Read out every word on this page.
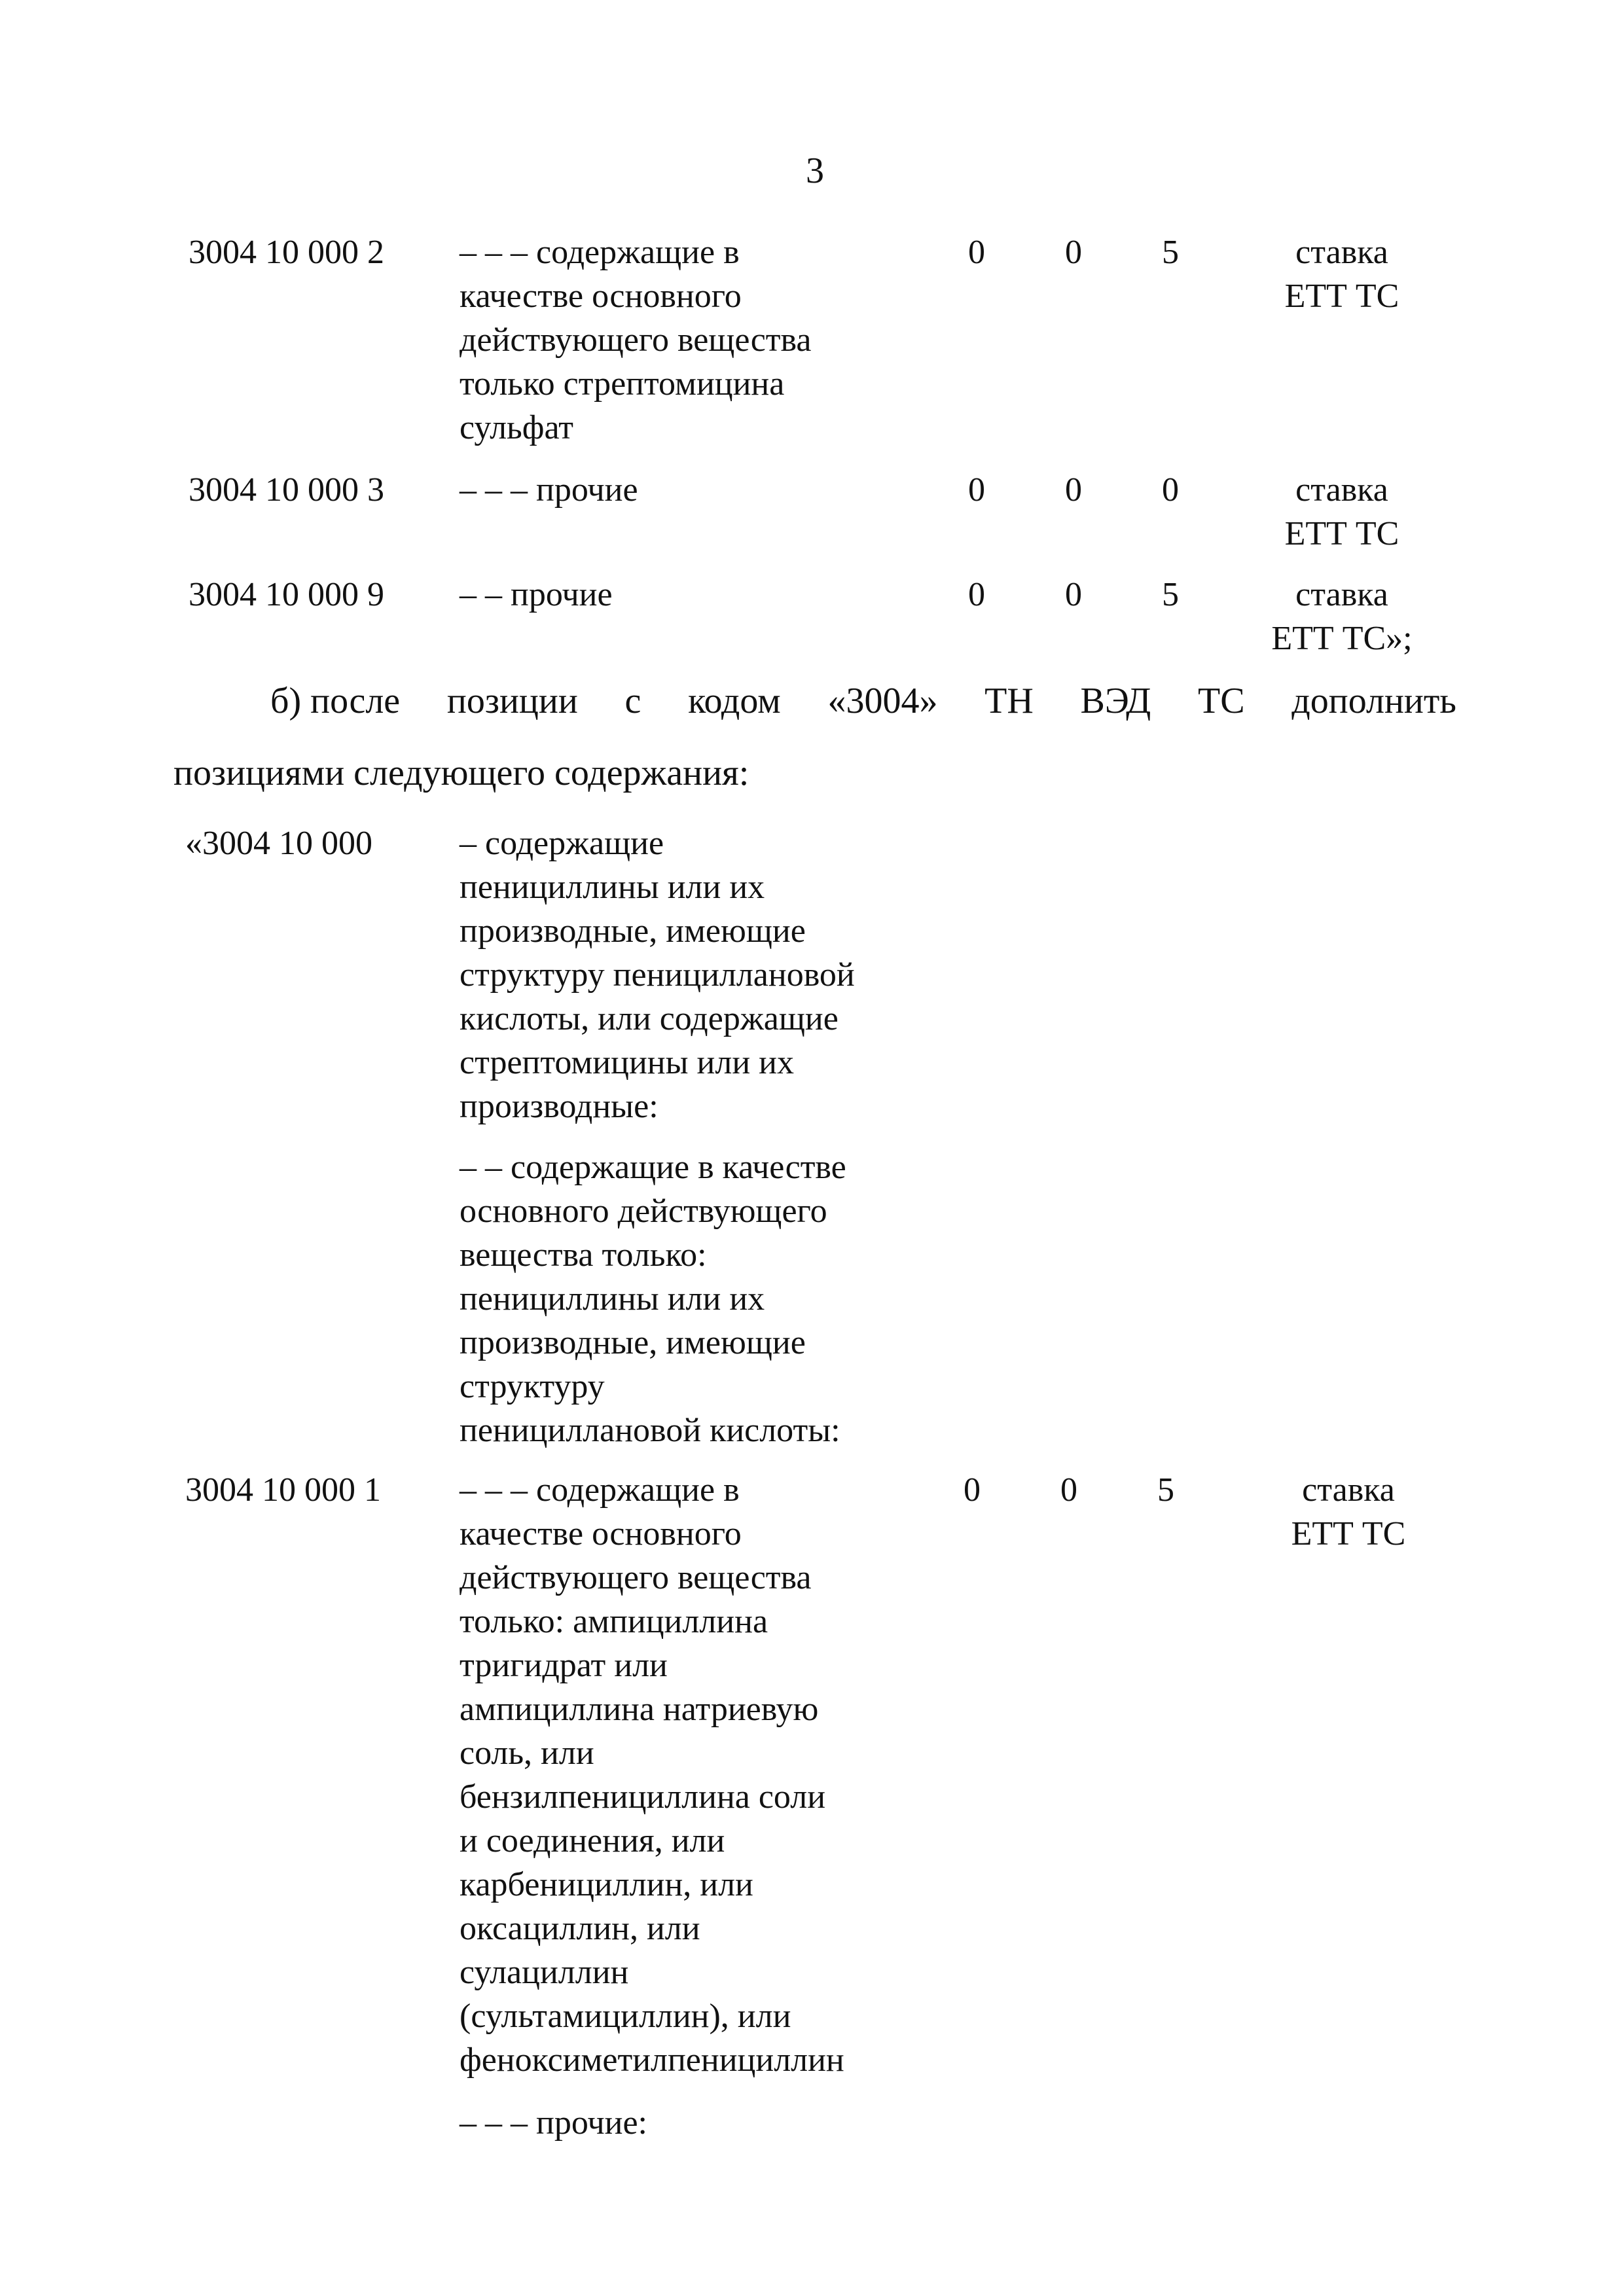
3
3004 10 000 2 – – – содержащие в
качестве основного
действующего вещества
только стрептомицина
сульфат
0	0	5	ставка
ЕТТ ТС
3004 10 000 3 – – – прочие	0	0	0	ставка
ЕТТ ТС
3004 10 000 9 – – прочие	0	0	5	ставка
ЕТТ ТС»;
б) после позиции с кодом «3004» ТН ВЭД ТС дополнить
позициями следующего содержания:
«3004 10 000	– содержащие
пенициллины или их
производные, имеющие
структуру пенициллановой
кислоты, или содержащие
стрептомицины или их
производные:
– – содержащие в качестве
основного действующего
вещества только:
пенициллины или их
производные, имеющие
структуру
пенициллановой кислоты:
3004 10 000 1 – – – содержащие в
качестве основного
действующего вещества
только: ампициллина
тригидрат или
ампициллина натриевую
соль, или
бензилпенициллина соли
и соединения, или
карбенициллин, или
оксациллин, или
сулациллин
(сультамициллин), или
феноксиметилпенициллин
0	0	5	ставка
ЕТТ ТС
– – – прочие:
